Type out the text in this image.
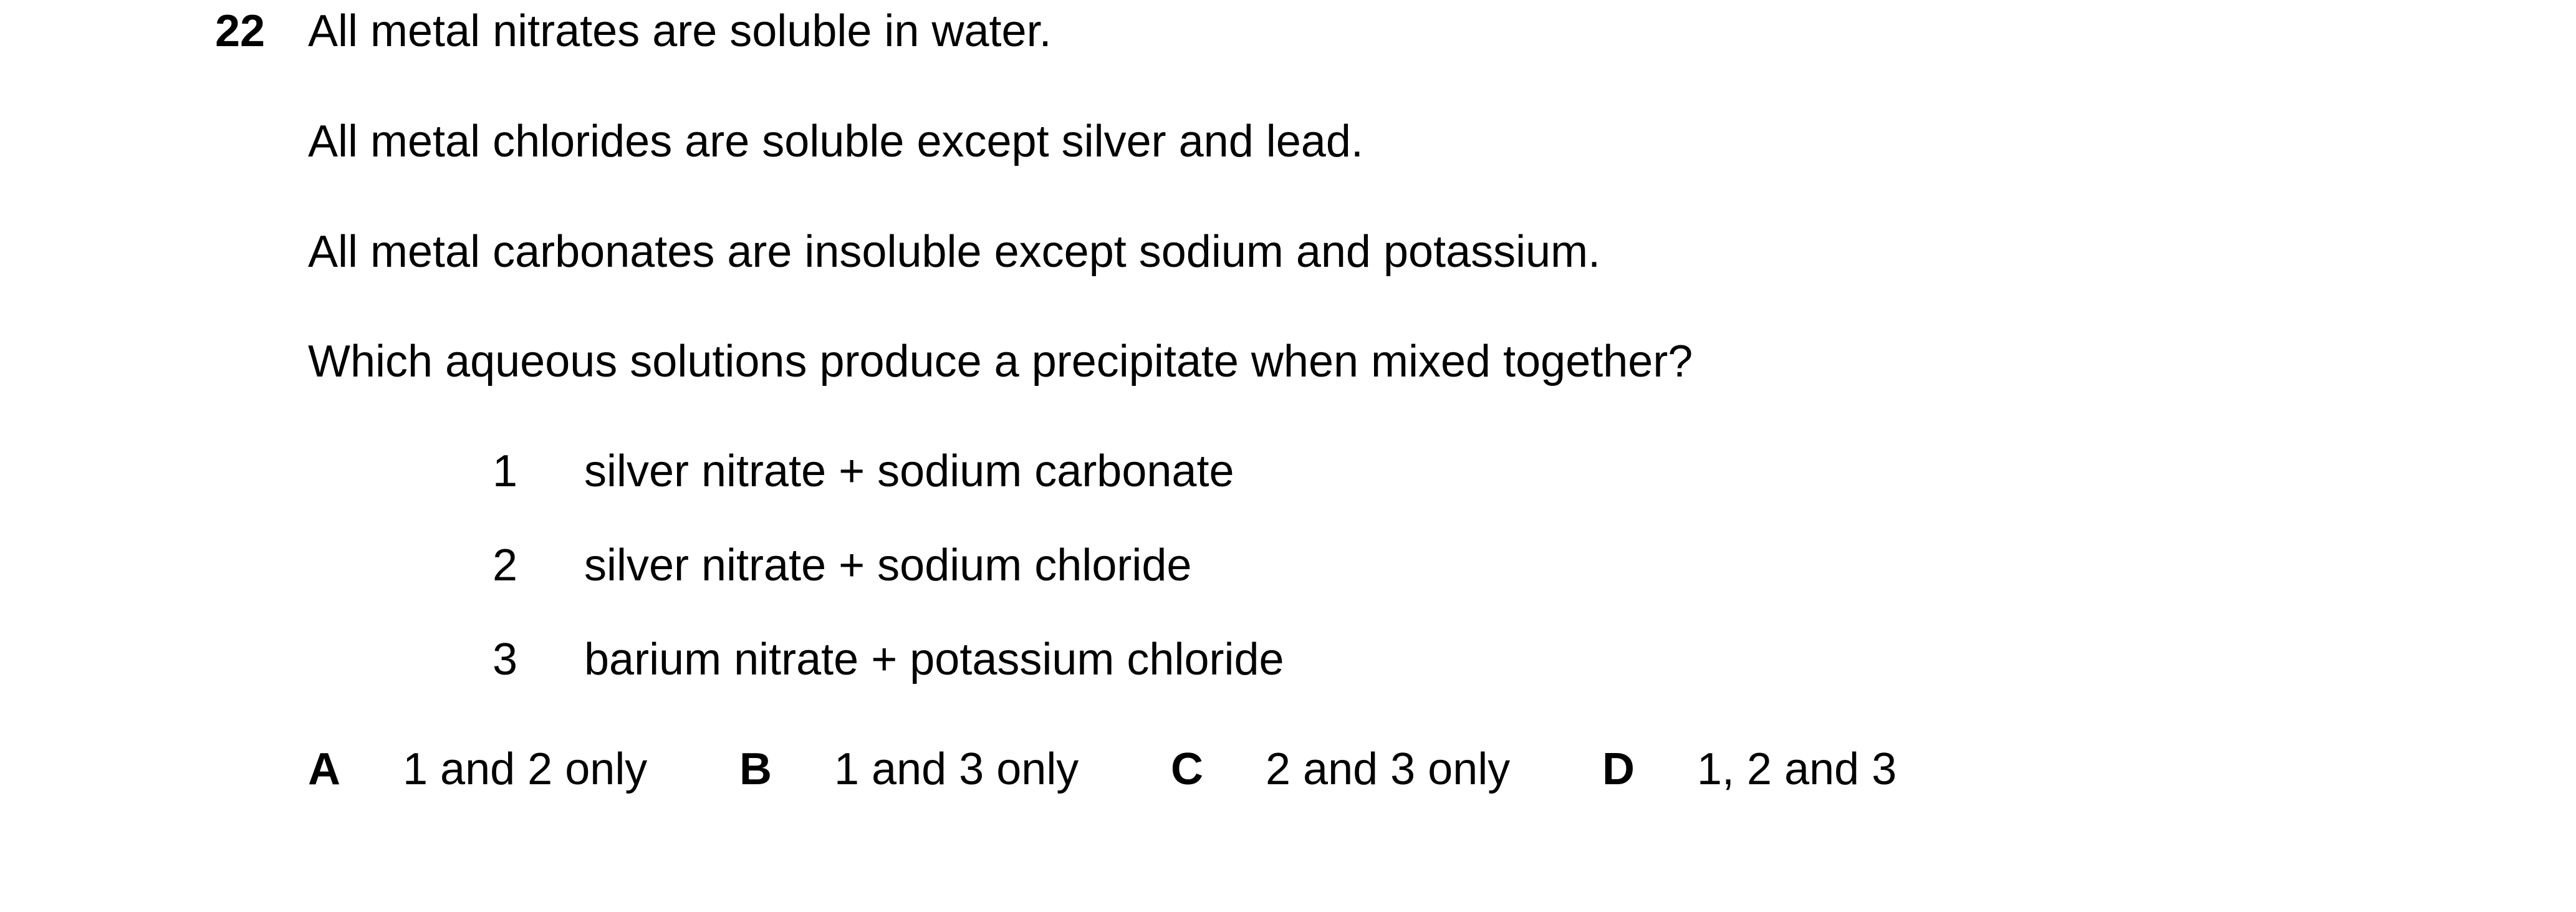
22 All metal nitrates are soluble in water.
All metal chlorides are soluble except silver and lead.
All metal carbonates are insoluble except sodium and potassium.
Which aqueous solutions produce a precipitate when mixed together?
1 silver nitrate + sodium carbonate
2 silver nitrate + sodium chloride
3 barium nitrate + potassium chloride
A 1 and 2 only B 1 and 3 only C 2 and 3 only D 1, 2 and 3
